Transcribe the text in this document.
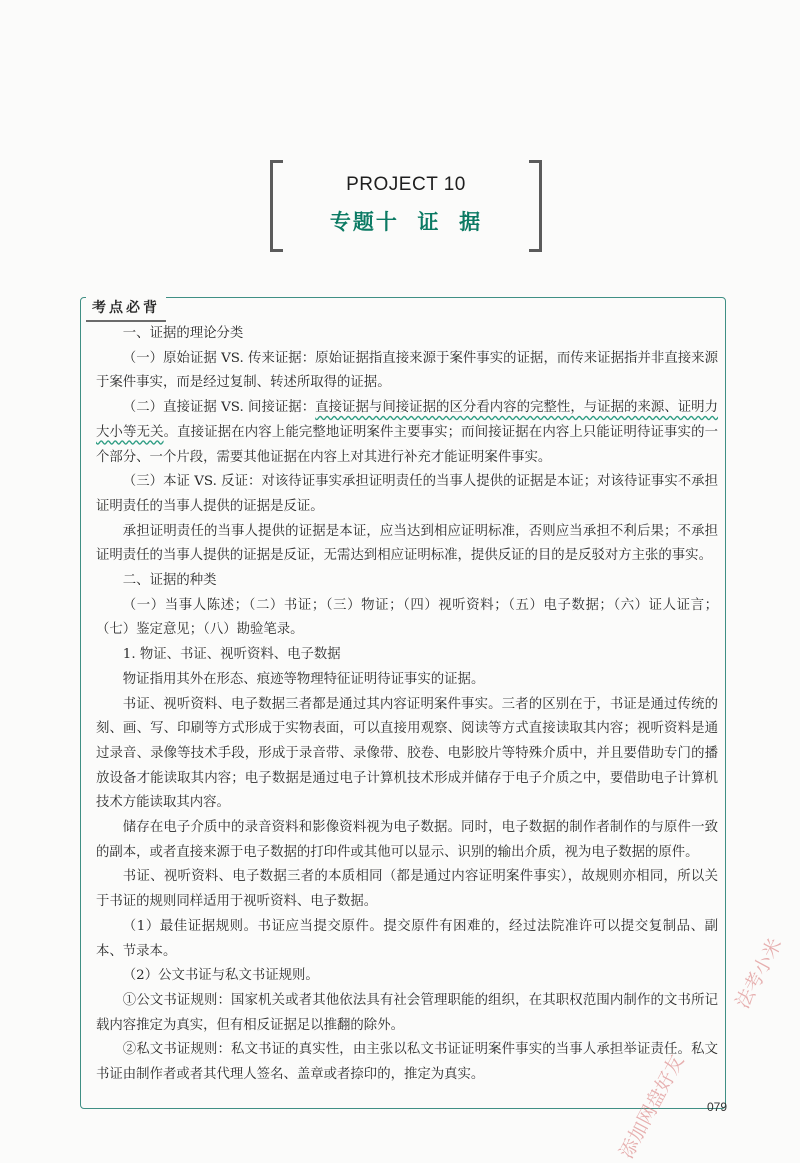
PROJECT 10
专题十  证  据
考点必背

一、证据的理论分类

（一）原始证据 VS. 传来证据：原始证据指直接来源于案件事实的证据，而传来证据指并非直接来源于案件事实，而是经过复制、转述所取得的证据。

（二）直接证据 VS. 间接证据：直接证据与间接证据的区分看内容的完整性，与证据的来源、证明力大小等无关。直接证据在内容上能完整地证明案件主要事实；而间接证据在内容上只能证明待证事实的一个部分、一个片段，需要其他证据在内容上对其进行补充才能证明案件事实。

（三）本证 VS. 反证：对该待证事实承担证明责任的当事人提供的证据是本证；对该待证事实不承担证明责任的当事人提供的证据是反证。

承担证明责任的当事人提供的证据是本证，应当达到相应证明标准，否则应当承担不利后果；不承担证明责任的当事人提供的证据是反证，无需达到相应证明标准，提供反证的目的是反驳对方主张的事实。

二、证据的种类

（一）当事人陈述；（二）书证；（三）物证；（四）视听资料；（五）电子数据；（六）证人证言；（七）鉴定意见；（八）勘验笔录。

1. 物证、书证、视听资料、电子数据

物证指用其外在形态、痕迹等物理特征证明待证事实的证据。

书证、视听资料、电子数据三者都是通过其内容证明案件事实。三者的区别在于，书证是通过传统的刻、画、写、印刷等方式形成于实物表面，可以直接用观察、阅读等方式直接读取其内容；视听资料是通过录音、录像等技术手段，形成于录音带、录像带、胶卷、电影胶片等特殊介质中，并且要借助专门的播放设备才能读取其内容；电子数据是通过电子计算机技术形成并储存于电子介质之中，要借助电子计算机技术方能读取其内容。

储存在电子介质中的录音资料和影像资料视为电子数据。同时，电子数据的制作者制作的与原件一致的副本，或者直接来源于电子数据的打印件或其他可以显示、识别的输出介质，视为电子数据的原件。

书证、视听资料、电子数据三者的本质相同（都是通过内容证明案件事实），故规则亦相同，所以关于书证的规则同样适用于视听资料、电子数据。

（1）最佳证据规则。书证应当提交原件。提交原件有困难的，经过法院准许可以提交复制品、副本、节录本。

（2）公文书证与私文书证规则。

①公文书证规则：国家机关或者其他依法具有社会管理职能的组织，在其职权范围内制作的文书所记载内容推定为真实，但有相反证据足以推翻的除外。

②私文书证规则：私文书证的真实性，由主张以私文书证证明案件事实的当事人承担举证责任。私文书证由制作者或者其代理人签名、盖章或者捺印的，推定为真实。

079
法考小米
添加网盘好友
